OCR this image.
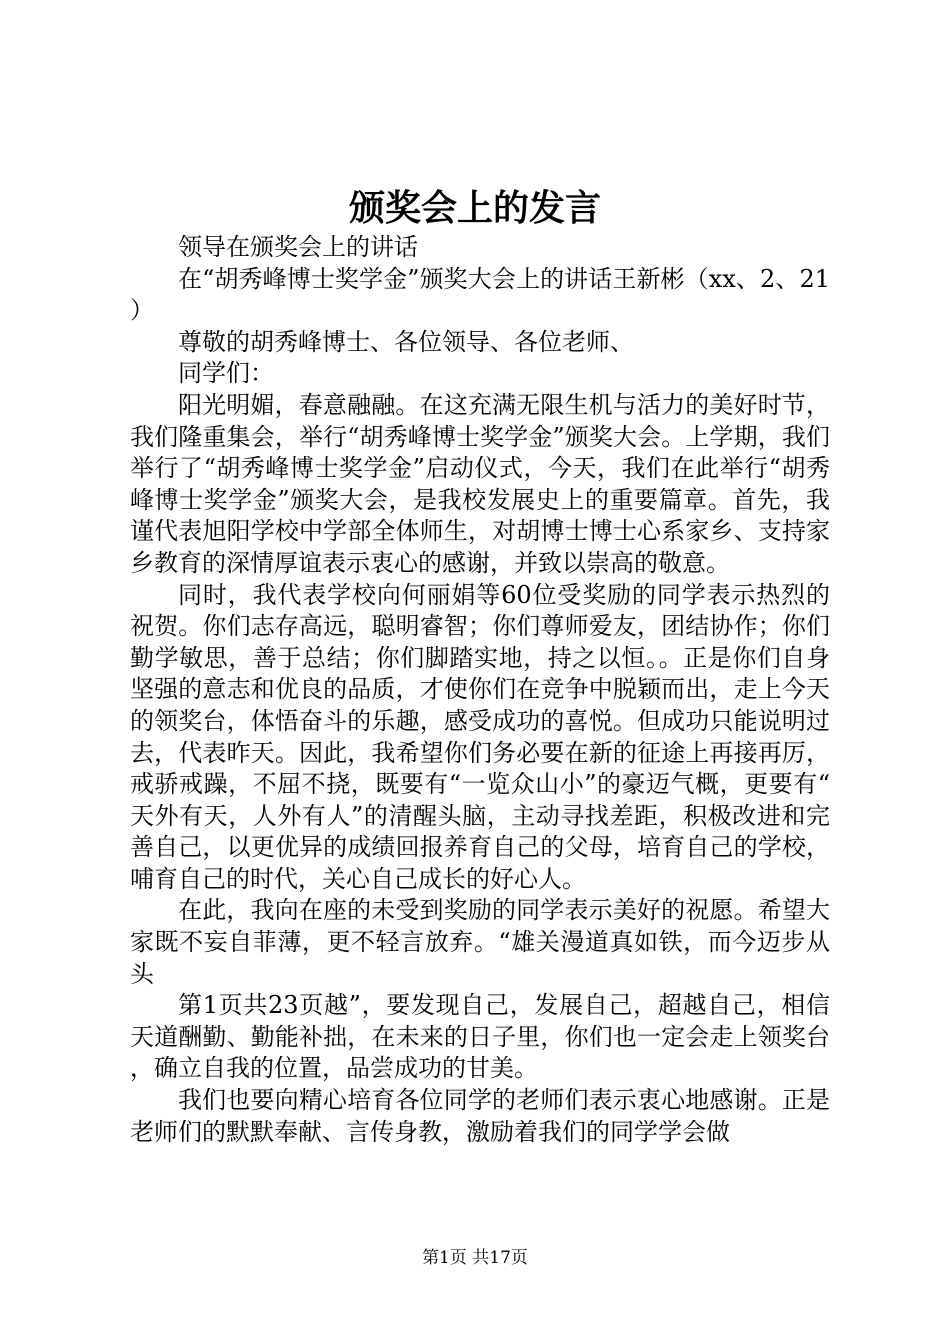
颁奖会上的发言

领导在颁奖会上的讲话

在“胡秀峰博士奖学金”颁奖大会上的讲话王新彬（xx、2、21）

尊敬的胡秀峰博士、各位领导、各位老师、

同学们：

阳光明媚，春意融融。在这充满无限生机与活力的美好时节，我们隆重集会，举行“胡秀峰博士奖学金”颁奖大会。上学期，我们举行了“胡秀峰博士奖学金”启动仪式，今天，我们在此举行“胡秀峰博士奖学金”颁奖大会，是我校发展史上的重要篇章。首先，我谨代表旭阳学校中学部全体师生，对胡博士博士心系家乡、支持家乡教育的深情厚谊表示衷心的感谢，并致以崇高的敬意。

同时，我代表学校向何丽娟等60位受奖励的同学表示热烈的祝贺。你们志存高远，聪明睿智；你们尊师爱友，团结协作；你们勤学敏思，善于总结；你们脚踏实地，持之以恒。。正是你们自身坚强的意志和优良的品质，才使你们在竞争中脱颖而出，走上今天的领奖台，体悟奋斗的乐趣，感受成功的喜悦。但成功只能说明过去，代表昨天。因此，我希望你们务必要在新的征途上再接再厉，戒骄戒躁，不屈不挠，既要有“一览众山小”的豪迈气概，更要有“天外有天，人外有人”的清醒头脑，主动寻找差距，积极改进和完善自己，以更优异的成绩回报养育自己的父母，培育自己的学校，哺育自己的时代，关心自己成长的好心人。

在此，我向在座的未受到奖励的同学表示美好的祝愿。希望大家既不妄自菲薄，更不轻言放弃。“雄关漫道真如铁，而今迈步从头

第1页共23页越”，要发现自己，发展自己，超越自己，相信天道酬勤、勤能补拙，在未来的日子里，你们也一定会走上领奖台，确立自我的位置，品尝成功的甘美。

我们也要向精心培育各位同学的老师们表示衷心地感谢。正是老师们的默默奉献、言传身教，激励着我们的同学学会做

第1页 共17页
